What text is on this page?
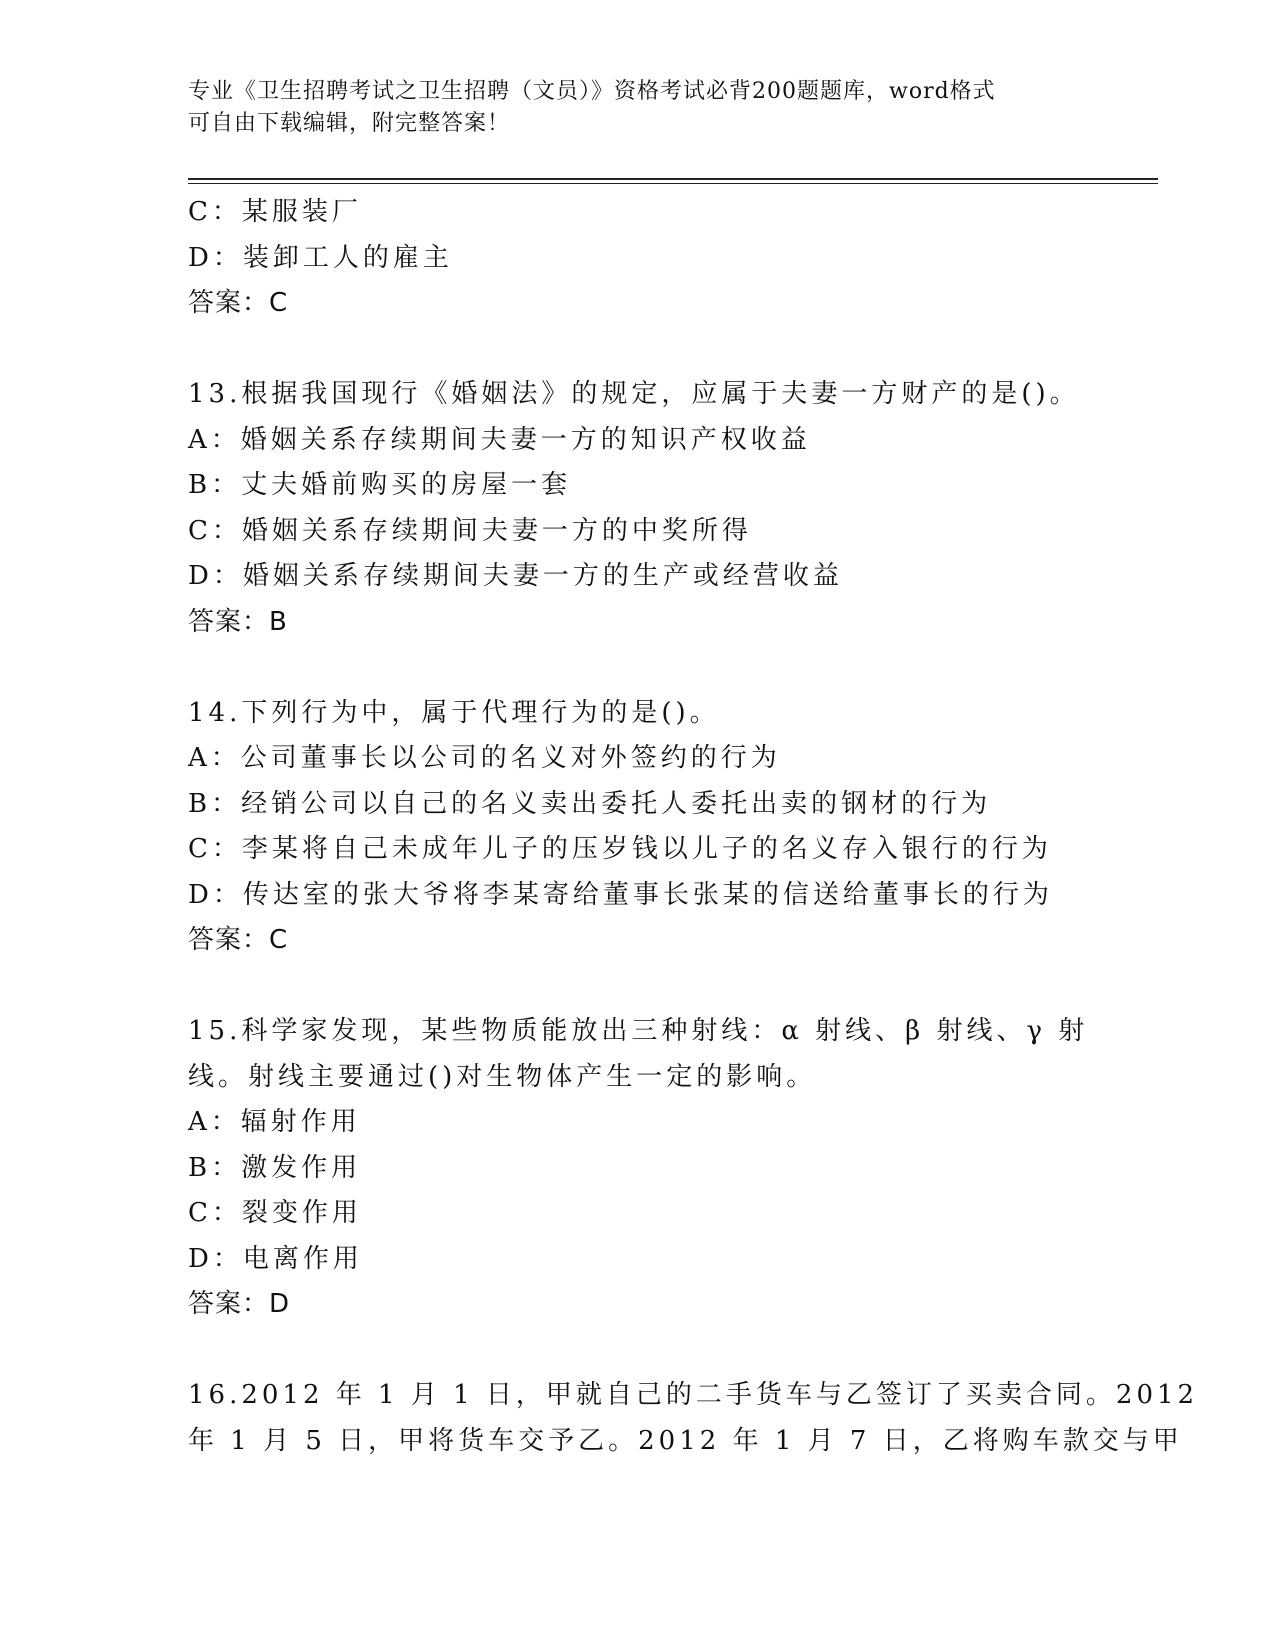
专业《卫生招聘考试之卫生招聘（文员）》资格考试必背200题题库，word格式
可自由下载编辑，附完整答案！
C：某服装厂
D：装卸工人的雇主
答案：C
13.根据我国现行《婚姻法》的规定，应属于夫妻一方财产的是()。
A：婚姻关系存续期间夫妻一方的知识产权收益
B：丈夫婚前购买的房屋一套
C：婚姻关系存续期间夫妻一方的中奖所得
D：婚姻关系存续期间夫妻一方的生产或经营收益
答案：B
14.下列行为中，属于代理行为的是()。
A：公司董事长以公司的名义对外签约的行为
B：经销公司以自己的名义卖出委托人委托出卖的钢材的行为
C：李某将自己未成年儿子的压岁钱以儿子的名义存入银行的行为
D：传达室的张大爷将李某寄给董事长张某的信送给董事长的行为
答案：C
15.科学家发现，某些物质能放出三种射线：α 射线、β 射线、γ 射
线。射线主要通过()对生物体产生一定的影响。
A：辐射作用
B：激发作用
C：裂变作用
D：电离作用
答案：D
16.2012 年 1 月 1 日，甲就自己的二手货车与乙签订了买卖合同。2012
年 1 月 5 日，甲将货车交予乙。2012 年 1 月 7 日，乙将购车款交与甲
